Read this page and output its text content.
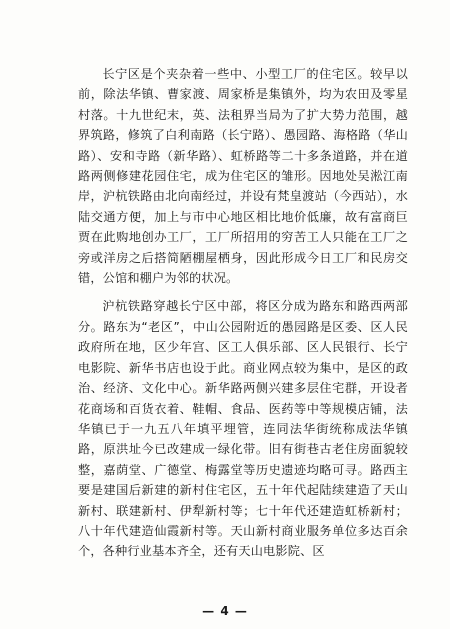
长宁区是个夹杂着一些中、小型工厂的住宅区。较早以前，除法华镇、曹家渡、周家桥是集镇外，均为农田及零星村落。十九世纪末，英、法租界当局为了扩大势力范围，越界筑路，修筑了白利南路（长宁路）、愚园路、海格路（华山路）、安和寺路（新华路）、虹桥路等二十多条道路，并在道路两侧修建花园住宅，成为住宅区的雏形。因地处吴淞江南岸，沪杭铁路由北向南经过，并设有梵皇渡站（今西站），水陆交通方便，加上与市中心地区相比地价低廉，故有富商巨贾在此购地创办工厂，工厂所招用的穷苦工人只能在工厂之旁或洋房之后搭简陋棚屋栖身，因此形成今日工厂和民房交错，公馆和棚户为邻的状况。

沪杭铁路穿越长宁区中部，将区分成为路东和路西两部分。路东为“老区”，中山公园附近的愚园路是区委、区人民政府所在地，区少年宫、区工人俱乐部、区人民银行、长宁电影院、新华书店也设于此。商业网点较为集中，是区的政治、经济、文化中心。新华路两侧兴建多层住宅群，开设者花商场和百货衣着、鞋帽、食品、医药等中等规模店铺，法华镇已于一九五八年填平埋管，连同法华街统称成法华镇路，原洪址今已改建成一绿化带。旧有街巷古老住房面貌较整，嘉荫堂、广德堂、梅露堂等历史遗迹均略可寻。路西主要是建国后新建的新村住宅区，五十年代起陆续建造了天山新村、联建新村、伊犁新村等；七十年代还建造虹桥新村；八十年代建造仙霞新村等。天山新村商业服务单位多达百余个，各种行业基本齐全，还有天山电影院、区

— 4 —
